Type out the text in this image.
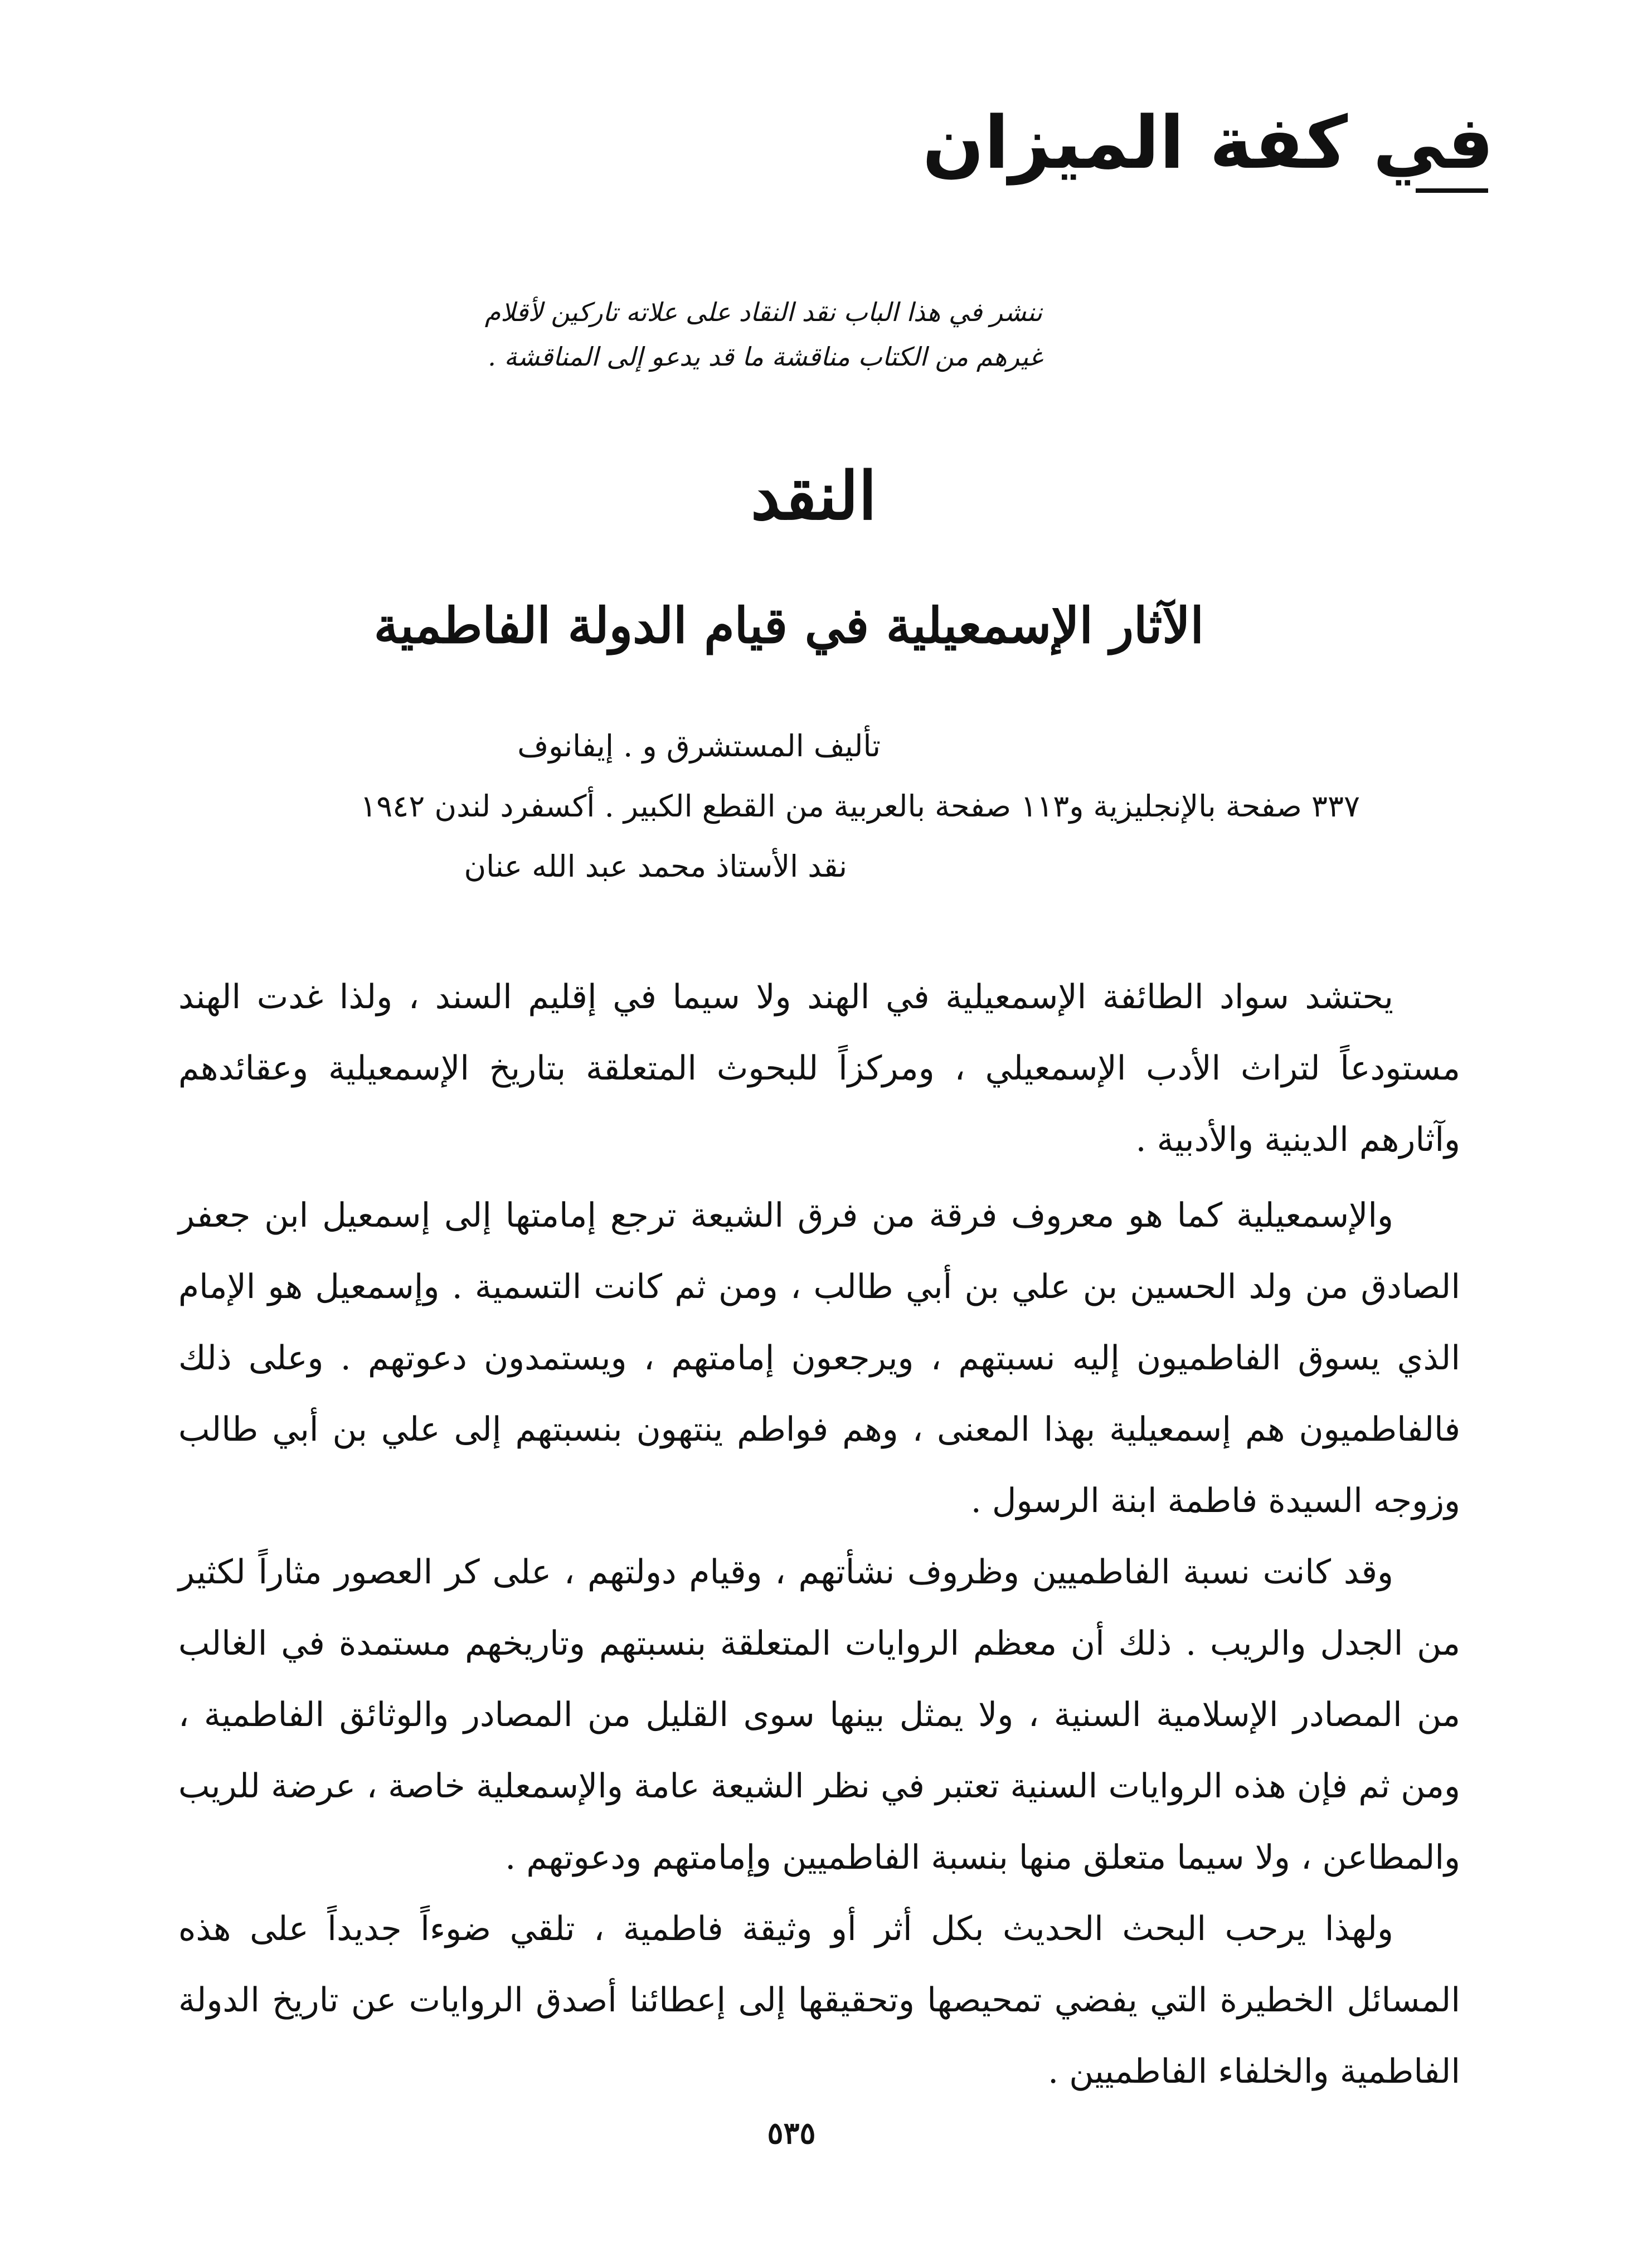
في كفة الميزان
ننشر في هذا الباب نقد النقاد على علاته تاركين لأقلام
غيرهم من الكتاب مناقشة ما قد يدعو إلى المناقشة .
النقد
الآثار الإسمعيلية في قيام الدولة الفاطمية
تأليف المستشرق و . إيفانوف
٣٣٧ صفحة بالإنجليزية و١١٣ صفحة بالعربية من القطع الكبير . أكسفرد لندن ١٩٤٢
نقد الأستاذ محمد عبد الله عنان

يحتشد سواد الطائفة الإسمعيلية في الهند ولا سيما في إقليم السند ، ولذا غدت الهند مستودعاً لتراث الأدب الإسمعيلي ، ومركزاً للبحوث المتعلقة بتاريخ الإسمعيلية وعقائدهم وآثارهم الدينية والأدبية .

والإسمعيلية كما هو معروف فرقة من فرق الشيعة ترجع إمامتها إلى إسمعيل ابن جعفر الصادق من ولد الحسين بن علي بن أبي طالب ، ومن ثم كانت التسمية . وإسمعيل هو الإمام الذي يسوق الفاطميون إليه نسبتهم ، ويرجعون إمامتهم ، ويستمدون دعوتهم . وعلى ذلك فالفاطميون هم إسمعيلية بهذا المعنى ، وهم فواطم ينتهون بنسبتهم إلى علي بن أبي طالب وزوجه السيدة فاطمة ابنة الرسول .

وقد كانت نسبة الفاطميين وظروف نشأتهم ، وقيام دولتهم ، على كر العصور مثاراً لكثير من الجدل والريب . ذلك أن معظم الروايات المتعلقة بنسبتهم وتاريخهم مستمدة في الغالب من المصادر الإسلامية السنية ، ولا يمثل بينها سوى القليل من المصادر والوثائق الفاطمية ، ومن ثم فإن هذه الروايات السنية تعتبر في نظر الشيعة عامة والإسمعلية خاصة ، عرضة للريب والمطاعن ، ولا سيما متعلق منها بنسبة الفاطميين وإمامتهم ودعوتهم .

ولهذا يرحب البحث الحديث بكل أثر أو وثيقة فاطمية ، تلقي ضوءاً جديداً على هذه المسائل الخطيرة التي يفضي تمحيصها وتحقيقها إلى إعطائنا أصدق الروايات عن تاريخ الدولة الفاطمية والخلفاء الفاطميين .

٥٣٥
